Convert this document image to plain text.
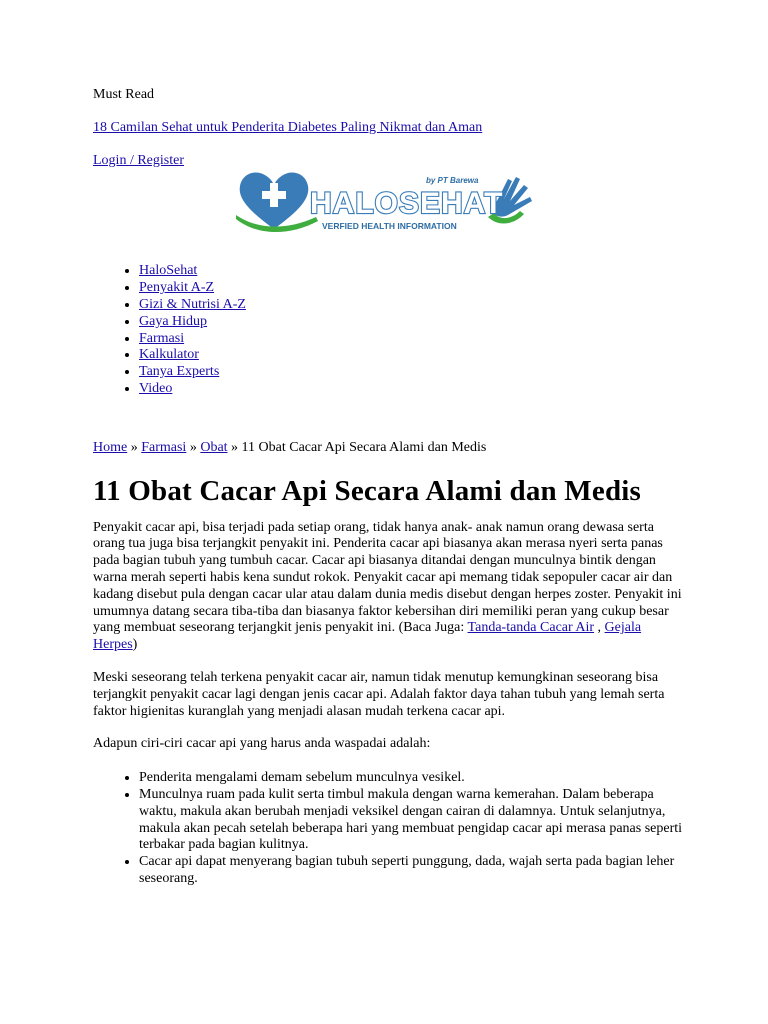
Must Read
18 Camilan Sehat untuk Penderita Diabetes Paling Nikmat dan Aman
Login / Register
HALOSEHAT
by PT Barewa
VERFIED HEALTH INFORMATION
• HaloSehat
• Penyakit A-Z
• Gizi & Nutrisi A-Z
• Gaya Hidup
• Farmasi
• Kalkulator
• Tanya Experts
• Video
Home » Farmasi » Obat » 11 Obat Cacar Api Secara Alami dan Medis
11 Obat Cacar Api Secara Alami dan Medis
Penyakit cacar api, bisa terjadi pada setiap orang, tidak hanya anak- anak namun orang dewasa serta orang tua juga bisa terjangkit penyakit ini. Penderita cacar api biasanya akan merasa nyeri serta panas pada bagian tubuh yang tumbuh cacar. Cacar api biasanya ditandai dengan munculnya bintik dengan warna merah seperti habis kena sundut rokok. Penyakit cacar api memang tidak sepopuler cacar air dan kadang disebut pula dengan cacar ular atau dalam dunia medis disebut dengan herpes zoster. Penyakit ini umumnya datang secara tiba-tiba dan biasanya faktor kebersihan diri memiliki peran yang cukup besar yang membuat seseorang terjangkit jenis penyakit ini. (Baca Juga: Tanda-tanda Cacar Air , Gejala Herpes)
Meski seseorang telah terkena penyakit cacar air, namun tidak menutup kemungkinan seseorang bisa terjangkit penyakit cacar lagi dengan jenis cacar api. Adalah faktor daya tahan tubuh yang lemah serta faktor higienitas kuranglah yang menjadi alasan mudah terkena cacar api.
Adapun ciri-ciri cacar api yang harus anda waspadai adalah:
• Penderita mengalami demam sebelum munculnya vesikel.
• Munculnya ruam pada kulit serta timbul makula dengan warna kemerahan. Dalam beberapa waktu, makula akan berubah menjadi veksikel dengan cairan di dalamnya. Untuk selanjutnya, makula akan pecah setelah beberapa hari yang membuat pengidap cacar api merasa panas seperti terbakar pada bagian kulitnya.
• Cacar api dapat menyerang bagian tubuh seperti punggung, dada, wajah serta pada bagian leher seseorang.
